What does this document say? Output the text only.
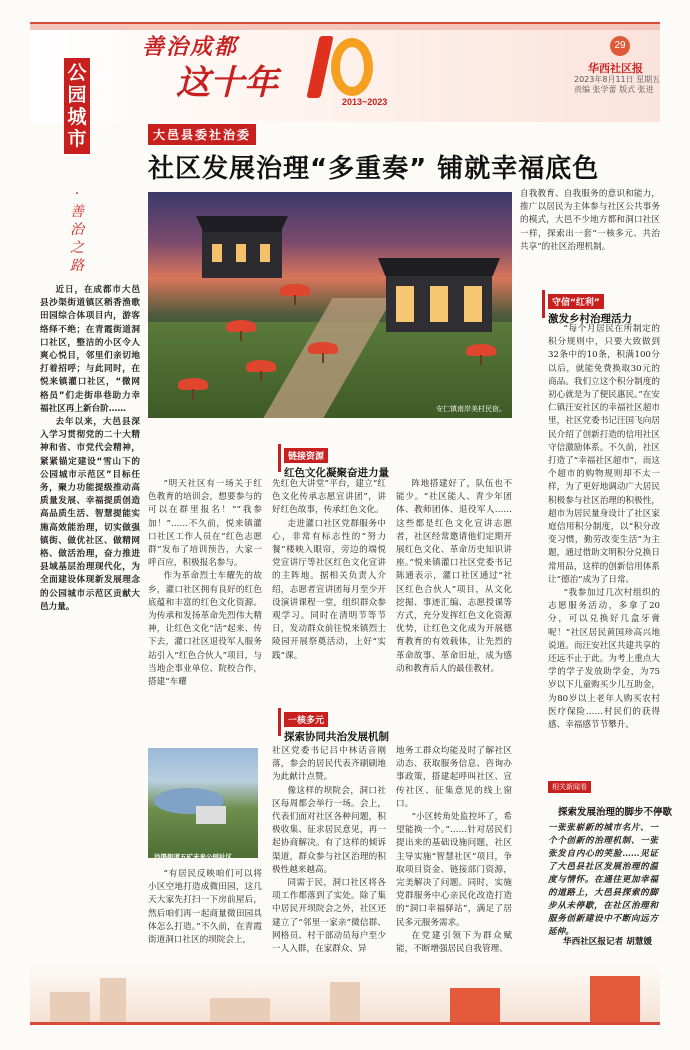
善治成都
这十年	2013~2023
29
华西社区报
2023年8月11日 星期五
责编 张学蕾 版式 张进
公
园
城
市
·
善
治
之
路

近日，在成都市大邑县沙渠街道镇区稻香渔歌田园综合体项目内，游客络绎不绝；在青霞街道洞口社区，整洁的小区令人爽心悦目，邻里们亲切地打着招呼；与此同时，在悦来镇灌口社区，“微网格员”们走街串巷助力幸福社区再上新台阶……

去年以来，大邑县深入学习贯彻党的二十大精神和省、市党代会精神，紧紧锚定建设“雪山下的公园城市示范区”目标任务，聚力功能提级推动高质量发展、幸福提质创造高品质生活、智慧提能实施高效能治理，切实做强镇街、做优社区、做精网格、做活治理，奋力推进县域基层治理现代化，为全面建设体现新发展理念的公园城市示范区贡献大邑力量。

大邑县委社治委
社区发展治理“多重奏” 铺就幸福底色
安仁镇南岸美村民宿。

自我教育、自我服务的意识和能力，推广以居民为主体参与社区公共事务的模式，大邑不少地方都和洞口社区一样，探索出一套“一核多元、共治共享”的社区治理机制。

守信“红利”
激发乡村治理活力

“每个月居民在所制定的积分规则中，只要大致做到32条中的10条，积满100分以后，就能免费换取30元的商品。我们立这个积分制度的初心就是为了便民惠民。”在安仁镇汪安社区的幸福社区超市里，社区党委书记汪国飞向居民介绍了创新打造的信用社区守信激励体系。不久前，社区打造了“幸福社区超市”，而这个超市的购物规则却不太一样，为了更好地调动广大居民积极参与社区治理的积极性，超市为居民量身设计了社区家庭信用积分制度，以“积分改变习惯，勤劳改变生活”为主题，通过借助文明积分兑换日常用品，这样的创新信用体系让“德治”成为了日常。

“我参加过几次村组织的志愿服务活动，多拿了20分，可以兑换好几盒牙膏呢！”社区居民黄国珍高兴地说道。而汪安社区共建共享的还远不止于此。为考上重点大学的学子发放助学金，为75岁以下儿童购买少儿互助金，为80岁以上老年人购买农村医疗保险……村民们的获得感、幸福感节节攀升。

链接资源
红色文化凝聚奋进力量

“明天社区有一场关于红色教育的培训会，想要参与的可以在群里报名！”“我参加！”……不久前，悦来镇灌口社区工作人员在“红色志愿群”发布了培训预告，大家一呼百应，积极报名参与。

作为革命烈士车耀先的故乡，灌口社区拥有良好的红色底蕴和丰富的红色文化资源。为传承和发扬革命先烈伟大精神，让红色文化“活”起来、传下去，灌口社区退役军人服务站引入“红色合伙人”项目，与当地企事业单位、院校合作，搭建“车耀

先红色大讲堂”平台，建立“红色文化传承志愿宣讲团”，讲好红色故事，传承红色文化。

走进灌口社区党群服务中心，非常有标志性的“努力餐”楼映入眼帘，旁边的端悦党宣讲厅等社区红色文化宣讲的主阵地。据相关负责人介绍，志愿者宣讲团每月至少开设演讲课程一堂，组织群众参观学习。同时在清明节等节日，发动群众前往悦来镇烈士陵园开展祭奠活动，上好“实践”课。

阵地搭建好了，队伍也不能少。“社区能人、青少年团体、教师团体、退役军人……这些都是红色文化宣讲志愿者，社区经常邀请他们定期开展红色文化、革命历史知识讲座。”悦来镇灌口社区党委书记陈通表示，灌口社区通过“社区红色合伙人”项目，从文化挖掘、事迹汇编、志愿授课等方式，充分发挥红色文化资源优势，让红色文化成为开展德育教育的有效载体，让先烈的革命故事、革命旧址，成为感动和教育后人的最佳教材。

一核多元
探索协同共治发展机制
沙渠街道五矿未来公园社区。

“有居民反映咱们可以将小区空地打造成微田园，这几天大家先打扫一下房前屋后，然后咱们再一起商量微田园具体怎么打造。”不久前，在青霞街道洞口社区的坝院会上，

社区党委书记吕中林话音刚落，参会的居民代表齐刷刷地为此献计点赞。

像这样的坝院会，洞口社区每周都会举行一场。会上，代表们面对社区各种问题，积极收集、征求居民意见，再一起协商解决。有了这样的倾诉渠道，群众参与社区治理的积极性越来越高。

同需于民，洞口社区将各项工作都落到了实处。除了集中居民开坝院会之外，社区还建立了“邻里一家亲”微信群、网格员、村干部动员每户至少一人入群，在家群众、异

地务工群众均能及时了解社区动态、获取服务信息、咨询办事政策，搭建起呼叫社区、宣传社区、征集意见的线上窗口。

“小区转角处监控坏了，希望能换一个。”……针对居民们提出来的基础设施问题，社区主导实施“智慧社区”项目，争取项目资金、链接部门资源，完美解决了问题。同时，实施党群服务中心亲民化改造打造的“洞口幸福驿站”，满足了居民多元服务需求。

在党建引领下为群众赋能，不断增强居民自我管理、

相关新闻看
探索发展治理的脚步不停歇
一张张崭新的城市名片、一个个创新的治理机制、一张张发自内心的笑脸……见证了大邑县社区发展治理的温度与情怀。在通往更加幸福的道路上，大邑县探索的脚步从未停歇，在社区治理和服务创新建设中不断向远方延伸。
华西社区报记者 胡慧媛
